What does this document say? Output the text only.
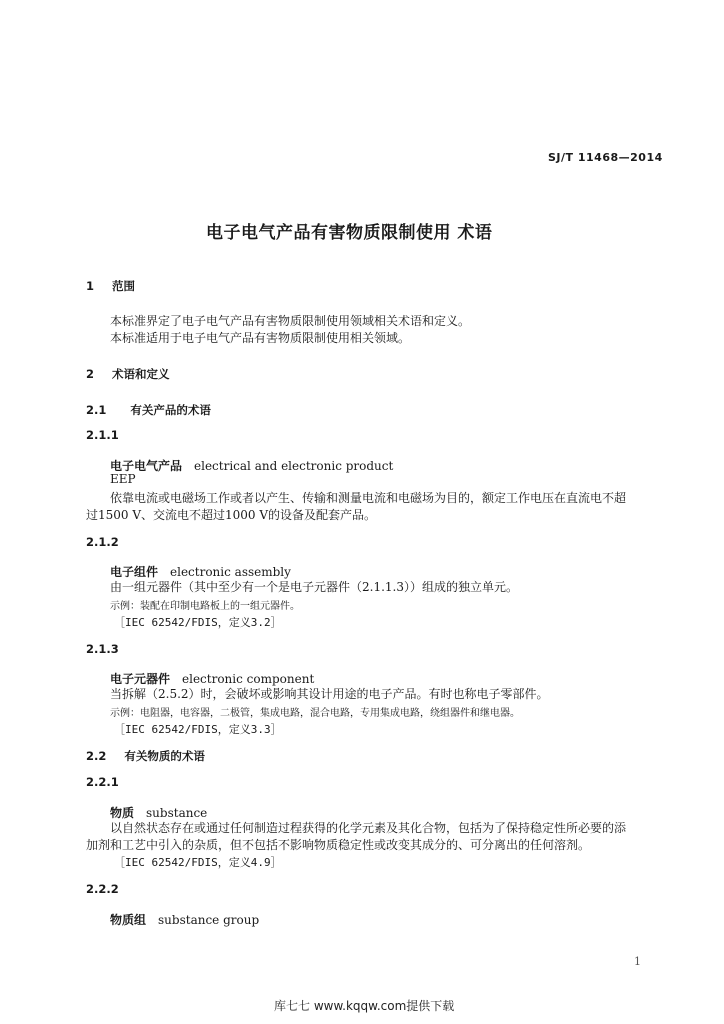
SJ/T 11468—2014
电子电气产品有害物质限制使用 术语
1 范围
本标准界定了电子电气产品有害物质限制使用领域相关术语和定义。
本标准适用于电子电气产品有害物质限制使用相关领域。
2 术语和定义
2.1 有关产品的术语
2.1.1
电子电气产品 electrical and electronic product
EEP
依靠电流或电磁场工作或者以产生、传输和测量电流和电磁场为目的，额定工作电压在直流电不超
过1500 V、交流电不超过1000 V的设备及配套产品。
2.1.2
电子组件 electronic assembly
由一组元器件（其中至少有一个是电子元器件（2.1.1.3））组成的独立单元。
示例：装配在印制电路板上的一组元器件。
［IEC 62542/FDIS，定义3.2］
2.1.3
电子元器件 electronic component
当拆解（2.5.2）时，会破坏或影响其设计用途的电子产品。有时也称电子零部件。
示例：电阻器，电容器，二极管，集成电路，混合电路，专用集成电路，绕组器件和继电器。
［IEC 62542/FDIS，定义3.3］
2.2 有关物质的术语
2.2.1
物质 substance
以自然状态存在或通过任何制造过程获得的化学元素及其化合物，包括为了保持稳定性所必要的添
加剂和工艺中引入的杂质，但不包括不影响物质稳定性或改变其成分的、可分离出的任何溶剂。
［IEC 62542/FDIS，定义4.9］
2.2.2
物质组 substance group
1
库七七 www.kqqw.com提供下载
